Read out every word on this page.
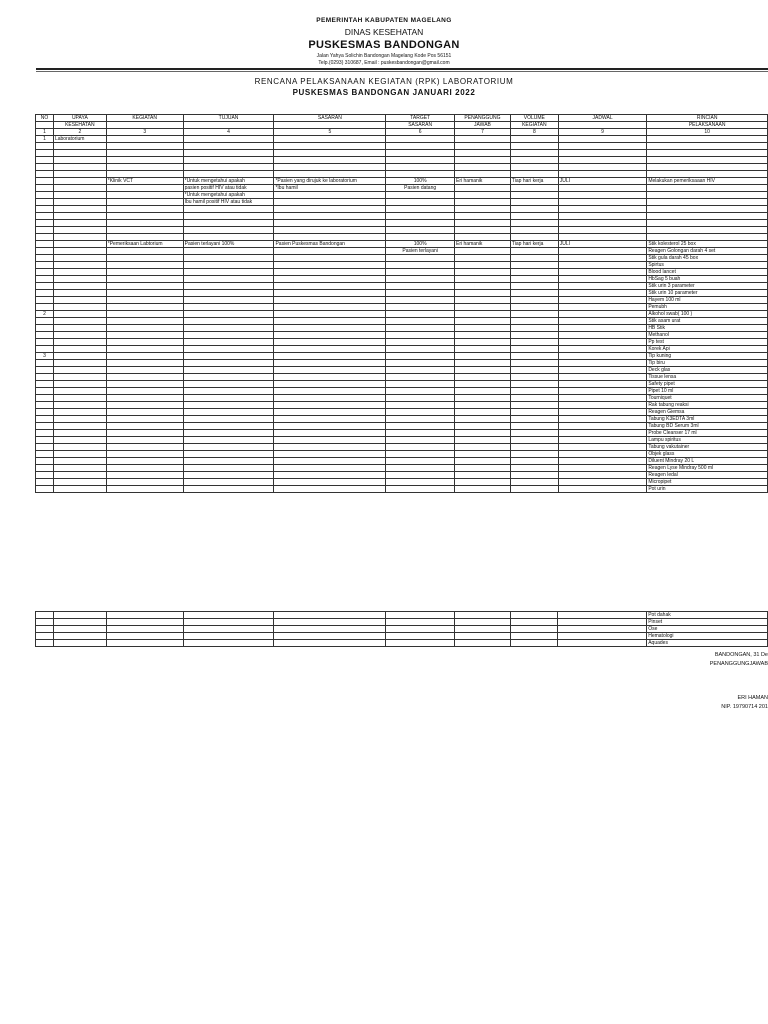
PEMERINTAH KABUPATEN MAGELANG
DINAS KESEHATAN
PUSKESMAS BANDONGAN
Jalan Yahya Solichin Bandongan Magelang Kode Pos 56151
Telp.(0293) 310687, Email : puskesbandongan@gmail.com
RENCANA PELAKSANAAN KEGIATAN (RPK) LABORATORIUM
PUSKESMAS BANDONGAN JANUARI 2022
NO	UPAYA	KEGIATAN	TUJUAN	SASARAN	TARGET	PENANGGUNG	VOLUME	JADWAL	RINCIAN
	KESEHATAN				SASARAN	JAWAB	KEGIATAN		PELAKSANAAN
1	2	3	4	5	6	7	8	9	10
1	Laboratorium								

		*Klinik VCT	*Untuk mengetahui apakah	*Pasien yang dirujuk ke laboratorium	100%	Eri hamanik	Tiap hari kerja	JULI	Melakukan pemeriksaaan HIV
			pasien positif HIV atau tidak	*Ibu hamil	Pasien datang				
			*Untuk mengetahui apakah						
			Ibu hamil positif HIV atau tidak						

		*Pemeriksaan Labtorium	Pasien terlayani 100%	Pasien Puskesmas Bandongan	100%	Eri hamanik	Tiap hari kerja	JULI	Stik kolesterol 25 box
					Pasien terlayani				Reagen Golongan darah 4 set
									Stik gula darah 45 box
									Spirtus
									Blood lancet
									HbSag 5 buah
									Stik urin 3 parameter
									Stik urin 10 parameter
									Hayem 100 ml
									Pemubh
2									Alkohol swab( 100 )
									Stik asam urat
									HB Stik
									Methanol
									Pp test
									Korek Api
3									Tip kuning
									Tip biru
									Deck glas
									Tissue lensa
									Safety pipet
									Pipet 10 ml
									Tourniquet
									Rak tabung reaksi
									Reagen Giemsa
									Tabung K3EDTA 3ml
									Tabung BD Serum 3ml
									Probe Cleanser 17 ml
									Lampu spiritus
									Tabung vakutainer
									Objek glass
									Diluent Mindray 20 L
									Reagen Lyse Mindray 500 ml
									Reagen ledal
									Micropipet
									Pot urin
									Pot dahak
									Pinset
									Ose
									Hematologi
									Aquades
BANDONGAN, 31 De
PENANGGUNGJAWAB
ERI HAMAN
NIP. 19790714 201
